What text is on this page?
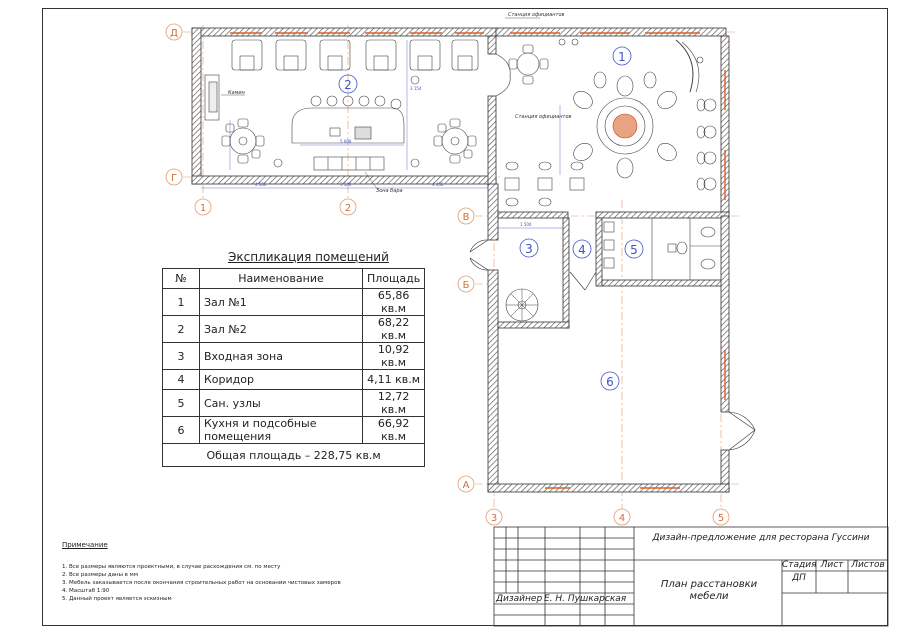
4 566	3 500	4 436
5 608
1 500
3 154
1
2
3	4	5
6
Д
Г
В
Б
А
1	2
3	4	5
Станция официантов
Станция официантов
Камин
Зона бара
Экспликация помещений
№	Наименование	Площадь
1	Зал №1	65,86 кв.м
2	Зал №2	68,22 кв.м
3	Входная зона	10,92 кв.м
4	Коридор	4,11 кв.м
5	Сан. узлы	12,72 кв.м
6	Кухня и подсобные помещения	66,92 кв.м
Общая площадь – 228,75 кв.м		
Примечание
1. Все размеры являются проектными, в случае расхождения см. по месту
2. Все размеры даны в мм
3. Мебель заказывается после окончания строительных работ на основании чистовых замеров
4. Масштаб 1:90
5. Данный проект является эскизным
Дизайн-предложение для ресторана Гуссини
План расстановки мебели
Стадия Лист Листов
ДП
Дизайнер Е. Н. Пушкарская
